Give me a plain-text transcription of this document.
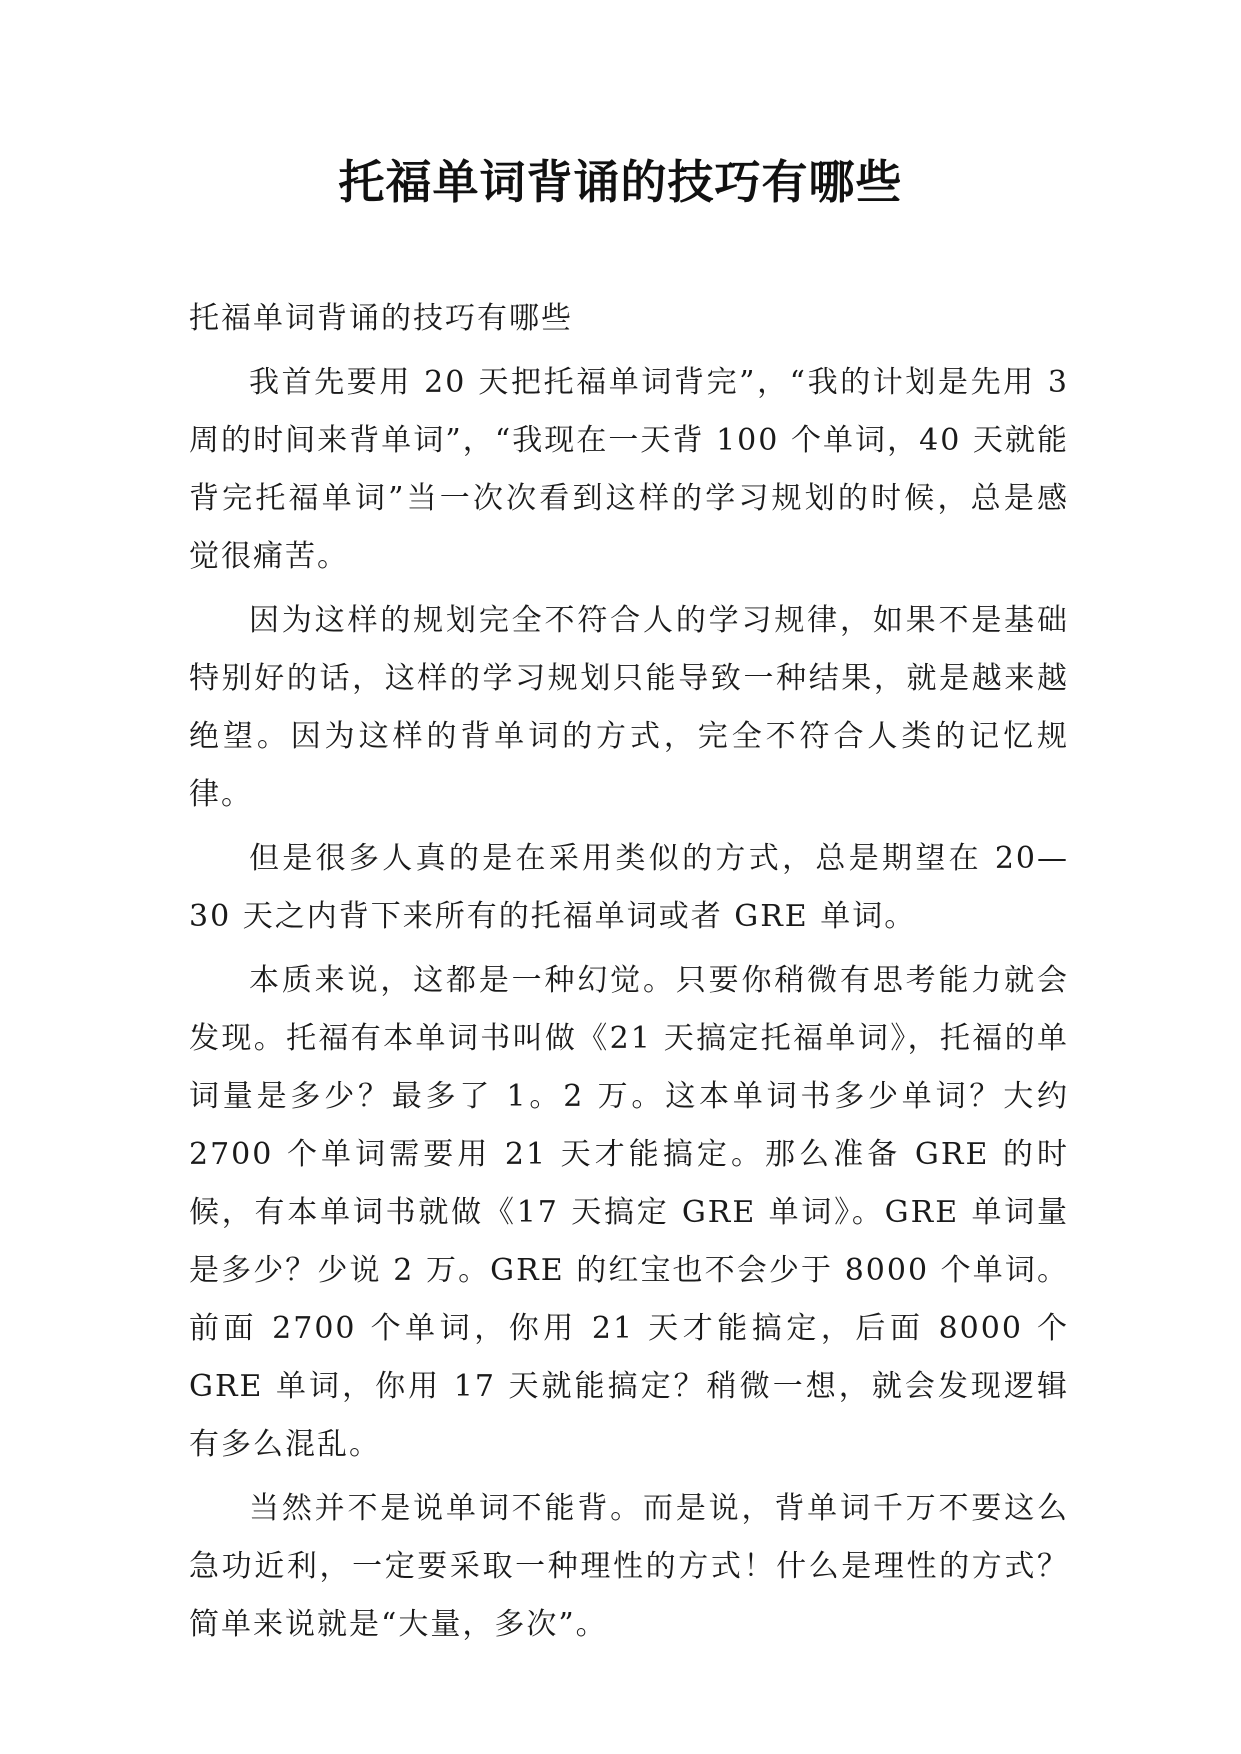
托福单词背诵的技巧有哪些

托福单词背诵的技巧有哪些

我首先要用 20 天把托福单词背完”，“我的计划是先用 3 周的时间来背单词”，“我现在一天背 100 个单词，40 天就能背完托福单词”当一次次看到这样的学习规划的时候，总是感觉很痛苦。

因为这样的规划完全不符合人的学习规律，如果不是基础特别好的话，这样的学习规划只能导致一种结果，就是越来越绝望。因为这样的背单词的方式，完全不符合人类的记忆规律。

但是很多人真的是在采用类似的方式，总是期望在 20—30 天之内背下来所有的托福单词或者 GRE 单词。

本质来说，这都是一种幻觉。只要你稍微有思考能力就会发现。托福有本单词书叫做《21 天搞定托福单词》，托福的单词量是多少？最多了 1。2 万。这本单词书多少单词？大约 2700 个单词需要用 21 天才能搞定。那么准备 GRE 的时候，有本单词书就做《17 天搞定 GRE 单词》。GRE 单词量是多少？少说 2 万。GRE 的红宝也不会少于 8000 个单词。前面 2700 个单词，你用 21 天才能搞定，后面 8000 个 GRE 单词，你用 17 天就能搞定？稍微一想，就会发现逻辑有多么混乱。

当然并不是说单词不能背。而是说，背单词千万不要这么急功近利，一定要采取一种理性的方式！什么是理性的方式？简单来说就是“大量，多次”。
